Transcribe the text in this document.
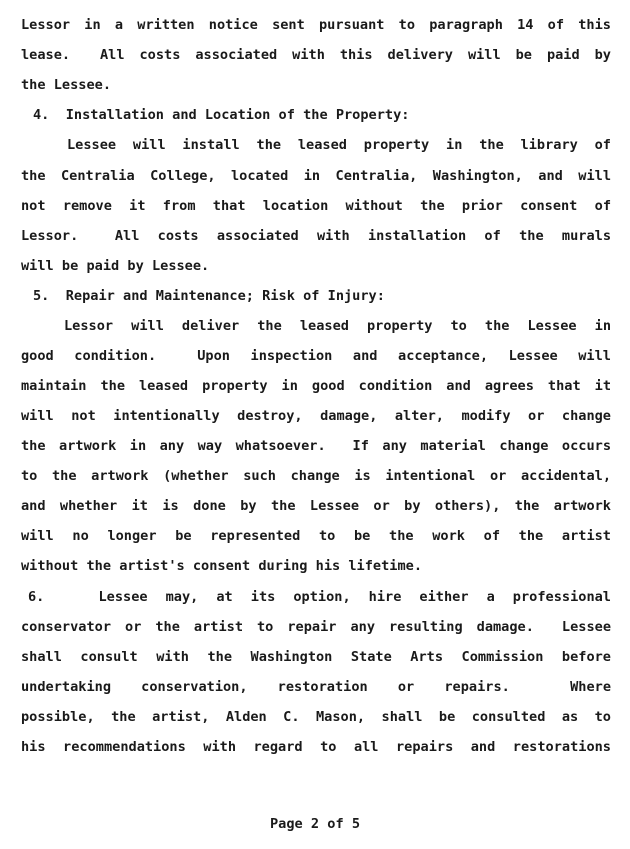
Lessor in a written notice sent pursuant to paragraph 14 of this
lease.  All costs associated with this delivery will be paid by
the Lessee.
4.  Installation and Location of the Property:
Lessee will install the leased property in the library of
the Centralia College, located in Centralia, Washington, and will
not remove it from that location without the prior consent of
Lessor.  All costs associated with installation of the murals
will be paid by Lessee.
5.  Repair and Maintenance; Risk of Injury:
Lessor will deliver the leased property to the Lessee in
good condition.  Upon inspection and acceptance, Lessee will
maintain the leased property in good condition and agrees that it
will not intentionally destroy, damage, alter, modify or change
the artwork in any way whatsoever.  If any material change occurs
to the artwork (whether such change is intentional or accidental,
and whether it is done by the Lessee or by others), the artwork
will no longer be represented to be the work of the artist
without the artist's consent during his lifetime.
6.   Lessee may, at its option, hire either a professional
conservator or the artist to repair any resulting damage.  Lessee
shall consult with the Washington State Arts Commission before
undertaking conservation, restoration or repairs.  Where
possible, the artist, Alden C. Mason, shall be consulted as to
his recommendations with regard to all repairs and restorations
Page 2 of 5
